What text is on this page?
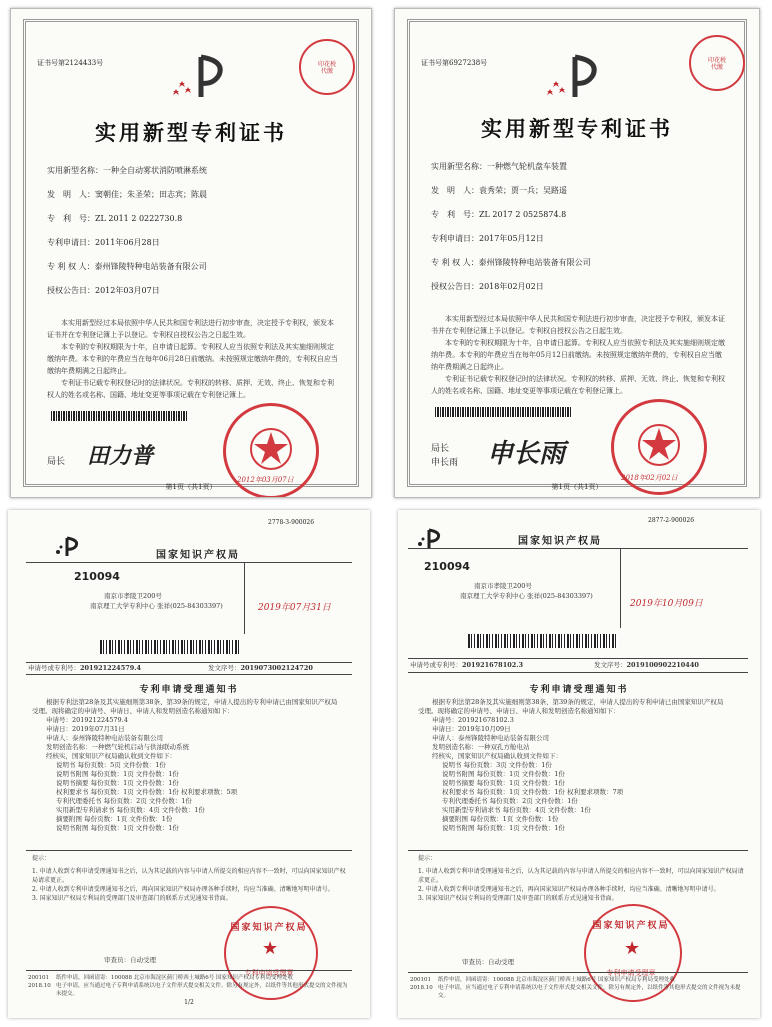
证书号第2124433号	印花税
代缴
实用新型专利证书
实用新型名称：一种全自动雾状消防喷淋系统
发　明　人：窦朝佳；朱圣荣；田志宾；陈晨
专　利　号：ZL 2011 2 0222730.8
专利申请日：2011年06月28日
专 利 权 人：泰州锋陵特种电站装备有限公司
授权公告日：2012年03月07日
本实用新型经过本局依照中华人民共和国专利法进行初步审查，决定授予专利权，颁发本证书并在专利登记簿上予以登记。专利权自授权公告之日起生效。
本专利的专利权期限为十年，自申请日起算。专利权人应当依照专利法及其实施细则规定缴纳年费。本专利的年费应当在每年06月28日前缴纳。未按照规定缴纳年费的，专利权自应当缴纳年费期满之日起终止。
专利证书记载专利权登记时的法律状况。专利权的转移、质押、无效、终止、恢复和专利权人的姓名或名称、国籍、地址变更等事项记载在专利登记簿上。
局长 田力普
2012年03月07日
第1页（共1页）
证书号第6927238号	印花税
代缴
实用新型专利证书
实用新型名称：一种燃气轮机盘车装置
发　明　人：袁秀荣；贾一兵；吴路遥
专　利　号：ZL 2017 2 0525874.8
专利申请日：2017年05月12日
专 利 权 人：泰州锋陵特种电站装备有限公司
授权公告日：2018年02月02日
本实用新型经过本局依照中华人民共和国专利法进行初步审查，决定授予专利权，颁发本证书并在专利登记簿上予以登记。专利权自授权公告之日起生效。
本专利的专利权期限为十年，自申请日起算。专利权人应当依照专利法及其实施细则规定缴纳年费。本专利的年费应当在每年05月12日前缴纳。未按照规定缴纳年费的，专利权自应当缴纳年费期满之日起终止。
专利证书记载专利权登记时的法律状况。专利权的转移、质押、无效、终止、恢复和专利权人的姓名或名称、国籍、地址变更等事项记载在专利登记簿上。
局长
申长雨 申长雨
2018年02月02日
第1页（共1页）
2778-3-900026
国家知识产权局
210094
南京市孝陵卫200号
南京理工大学专利中心 张祥(025-84303397)	2019年07月31日
申请号或专利号：201921224579.4	发文序号：2019073002124720
专利申请受理通知书
根据专利法第28条及其实施细则第38条、第39条的规定，申请人提出的专利申请已由国家知识产权局
受理。现将确定的申请号、申请日、申请人和发明创造名称通知如下：
申请号：201921224579.4
申请日：2019年07月31日
申请人：泰州锋陵特种电站装备有限公司
发明创造名称：一种燃气轮机启动与供油联动系统
经核实，国家知识产权局确认收到文件如下：
说明书 每份页数：5页 文件份数：1份
说明书附图 每份页数：1页 文件份数：1份
说明书摘要 每份页数：1页 文件份数：1份
权利要求书 每份页数：1页 文件份数：1份 权利要求项数：5项
专利代理委托书 每份页数：2页 文件份数：1份
实用新型专利请求书 每份页数：4页 文件份数：1份
摘要附图 每份页数：1页 文件份数：1份
说明书附图 每份页数：1页 文件份数：1份
提示：
1. 申请人收到专利申请受理通知书之后，认为其记载的内容与申请人所提交的相应内容不一致时，可以向国家知识产权局请求更正。
2. 申请人收到专利申请受理通知书之后，再向国家知识产权局办理各种手续时，均应当准确、清晰地写明申请号。
3. 国家知识产权局专利局的受理部门及审查部门的联系方式见通知书背面。
国家知识产权局
★
专利申请受理章
审查员：自动受理
200101
2018.10
纸件申请，回函请寄：100088 北京市海淀区蓟门桥西土城路6号 国家知识产权局专利局受理处收
电子申请，应当通过电子专利申请系统以电子文件形式提交相关文件。除另有规定外，以纸件等其他形式提交的文件视为未提交。
1/2
2877-2-900026
国家知识产权局
210094
南京市孝陵卫200号
南京理工大学专利中心 张祥(025-84303397)
2019年10月09日
申请号或专利号：201921678102.3	发文序号：2019100902210440
专利申请受理通知书
根据专利法第28条及其实施细则第38条、第39条的规定，申请人提出的专利申请已由国家知识产权局
受理。现将确定的申请号、申请日、申请人和发明创造名称通知如下：
申请号：201921678102.3
申请日：2019年10月09日
申请人：泰州锋陵特种电站装备有限公司
发明创造名称：一种双孔方舱电站
经核实，国家知识产权局确认收到文件如下：
说明书 每份页数：3页 文件份数：1份
说明书附图 每份页数：1页 文件份数：1份
说明书摘要 每份页数：1页 文件份数：1份
权利要求书 每份页数：1页 文件份数：1份 权利要求项数：7项
专利代理委托书 每份页数：2页 文件份数：1份
实用新型专利请求书 每份页数：4页 文件份数：1份
摘要附图 每份页数：1页 文件份数：1份
说明书附图 每份页数：1页 文件份数：1份
提示：
1. 申请人收到专利申请受理通知书之后，认为其记载的内容与申请人所提交的相应内容不一致时，可以向国家知识产权局请求更正。
2. 申请人收到专利申请受理通知书之后，再向国家知识产权局办理各种手续时，均应当准确、清晰地写明申请号。
3. 国家知识产权局专利局的受理部门及审查部门的联系方式见通知书背面。
国家知识产权局
★
专利申请受理章
审查员：自动受理
200101
2018.10
纸件申请，回函请寄：100088 北京市海淀区蓟门桥西土城路6号 国家知识产权局专利局受理处收
电子申请，应当通过电子专利申请系统以电子文件形式提交相关文件。除另有规定外，以纸件等其他形式提交的文件视为未提交。
